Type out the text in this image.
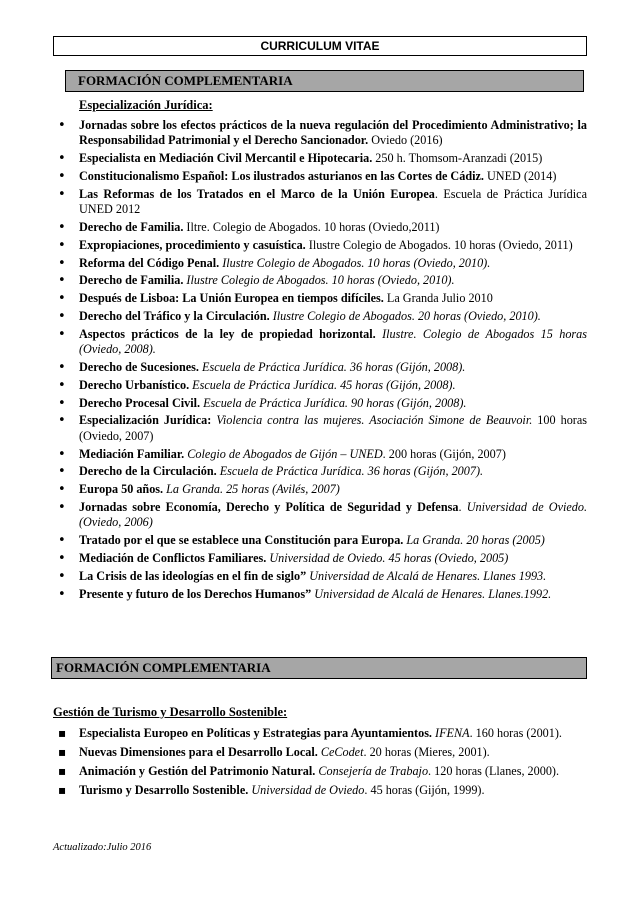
CURRICULUM VITAE
FORMACIÓN COMPLEMENTARIA
Especialización Jurídica:
•
Jornadas sobre los efectos prácticos de la nueva regulación del Procedimiento Administrativo; la Responsabilidad Patrimonial y el Derecho Sancionador. Oviedo (2016)
•
Especialista en Mediación Civil Mercantil e Hipotecaria. 250 h. Thomsom-Aranzadi (2015)
•
Constitucionalismo Español: Los ilustrados asturianos en las Cortes de Cádiz. UNED (2014)
•
Las Reformas de los Tratados en el Marco de la Unión Europea. Escuela de Práctica Jurídica UNED 2012
•
Derecho de Familia. Iltre. Colegio de Abogados. 10 horas (Oviedo,2011)
•
Expropiaciones, procedimiento y casuística. Ilustre Colegio de Abogados. 10 horas (Oviedo, 2011)
•
Reforma del Código Penal. Ilustre Colegio de Abogados. 10 horas (Oviedo, 2010).
•
Derecho de Familia. Ilustre Colegio de Abogados. 10 horas (Oviedo, 2010).
•
Después de Lisboa: La Unión Europea en tiempos difíciles. La Granda Julio 2010
•
Derecho del Tráfico y la Circulación. Ilustre Colegio de Abogados. 20 horas (Oviedo, 2010).
•
Aspectos prácticos de la ley de propiedad horizontal. Ilustre. Colegio de Abogados 15 horas (Oviedo, 2008).
•
Derecho de Sucesiones. Escuela de Práctica Jurídica. 36 horas (Gijón, 2008).
•
Derecho Urbanístico. Escuela de Práctica Jurídica. 45 horas (Gijón, 2008).
•
Derecho Procesal Civil. Escuela de Práctica Jurídica. 90 horas (Gijón, 2008).
•
Especialización Jurídica: Violencia contra las mujeres. Asociación Simone de Beauvoir. 100 horas (Oviedo, 2007)
•
Mediación Familiar. Colegio de Abogados de Gijón – UNED. 200 horas (Gijón, 2007)
•
Derecho de la Circulación. Escuela de Práctica Jurídica. 36 horas (Gijón, 2007).
•
Europa 50 años. La Granda. 25 horas (Avilés, 2007)
•
Jornadas sobre Economía, Derecho y Política de Seguridad y Defensa. Universidad de Oviedo. (Oviedo, 2006)
•
Tratado por el que se establece una Constitución para Europa. La Granda. 20 horas (2005)
•
Mediación de Conflictos Familiares. Universidad de Oviedo. 45 horas (Oviedo, 2005)
•
La Crisis de las ideologías en el fin de siglo” Universidad de Alcalá de Henares. Llanes 1993.
•
Presente y futuro de los Derechos Humanos” Universidad de Alcalá de Henares. Llanes.1992.
FORMACIÓN COMPLEMENTARIA
Gestión de Turismo y Desarrollo Sostenible:
▪
Especialista Europeo en Políticas y Estrategias para Ayuntamientos. IFENA. 160 horas (2001).
▪
Nuevas Dimensiones para el Desarrollo Local. CeCodet. 20 horas (Mieres, 2001).
▪
Animación y Gestión del Patrimonio Natural. Consejería de Trabajo. 120 horas (Llanes, 2000).
▪
Turismo y Desarrollo Sostenible. Universidad de Oviedo. 45 horas (Gijón, 1999).
Actualizado:Julio 2016
